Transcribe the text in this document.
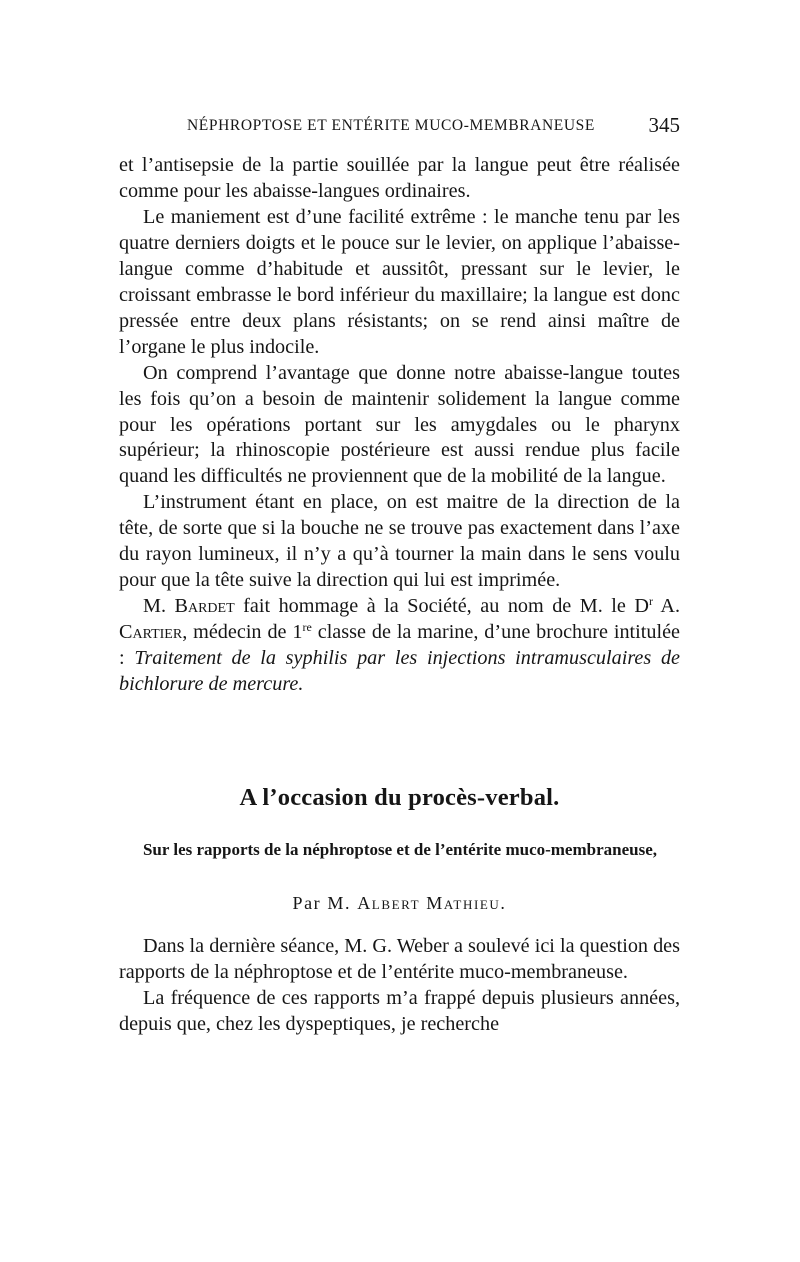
NÉPHROPTOSE ET ENTÉRITE MUCO-MEMBRANEUSE	345

et l’antisepsie de la partie souillée par la langue peut être réalisée comme pour les abaisse-langues ordinaires.

Le maniement est d’une facilité extrême : le manche tenu par les quatre derniers doigts et le pouce sur le levier, on applique l’abaisse-langue comme d’habitude et aussitôt, pressant sur le levier, le croissant embrasse le bord inférieur du maxillaire; la langue est donc pressée entre deux plans résistants; on se rend ainsi maître de l’organe le plus indocile.

On comprend l’avantage que donne notre abaisse-langue toutes les fois qu’on a besoin de maintenir solidement la langue comme pour les opérations portant sur les amygdales ou le pharynx supérieur; la rhinoscopie postérieure est aussi rendue plus facile quand les difficultés ne proviennent que de la mobilité de la langue.

L’instrument étant en place, on est maitre de la direction de la tête, de sorte que si la bouche ne se trouve pas exactement dans l’axe du rayon lumineux, il n’y a qu’à tourner la main dans le sens voulu pour que la tête suive la direction qui lui est imprimée.

M. Bardet fait hommage à la Société, au nom de M. le $D^r$ A. Cartier, médecin de 1re classe de la marine, d’une brochure intitulée : Traitement de la syphilis par les injections intramusculaires de bichlorure de mercure.

A l’occasion du procès-verbal.
Sur les rapports de la néphroptose et de l’entérite muco-membraneuse,
Par M. Albert Mathieu.

Dans la dernière séance, M. G. Weber a soulevé ici la question des rapports de la néphroptose et de l’entérite muco-membraneuse.

La fréquence de ces rapports m’a frappé depuis plusieurs années, depuis que, chez les dyspeptiques, je recherche
